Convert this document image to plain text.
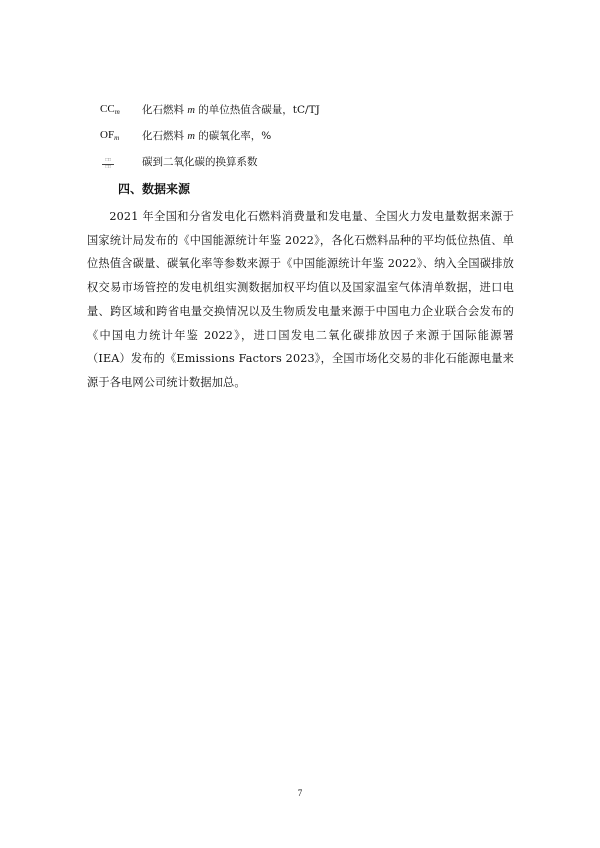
$CC_m$	化石燃料 m 的单位热值含碳量，tC/TJ
$OF_m$	化石燃料 m 的碳氧化率，%
$\frac{□□}{□□}$	碳到二氧化碳的换算系数
四、数据来源
2021 年全国和分省发电化石燃料消费量和发电量、全国火力发电量数据来源于国家统计局发布的《中国能源统计年鉴 2022》，各化石燃料品种的平均低位热值、单位热值含碳量、碳氧化率等参数来源于《中国能源统计年鉴 2022》、纳入全国碳排放权交易市场管控的发电机组实测数据加权平均值以及国家温室气体清单数据，进口电量、跨区域和跨省电量交换情况以及生物质发电量来源于中国电力企业联合会发布的《中国电力统计年鉴 2022》，进口国发电二氧化碳排放因子来源于国际能源署（IEA）发布的《Emissions Factors 2023》，全国市场化交易的非化石能源电量来源于各电网公司统计数据加总。
7
